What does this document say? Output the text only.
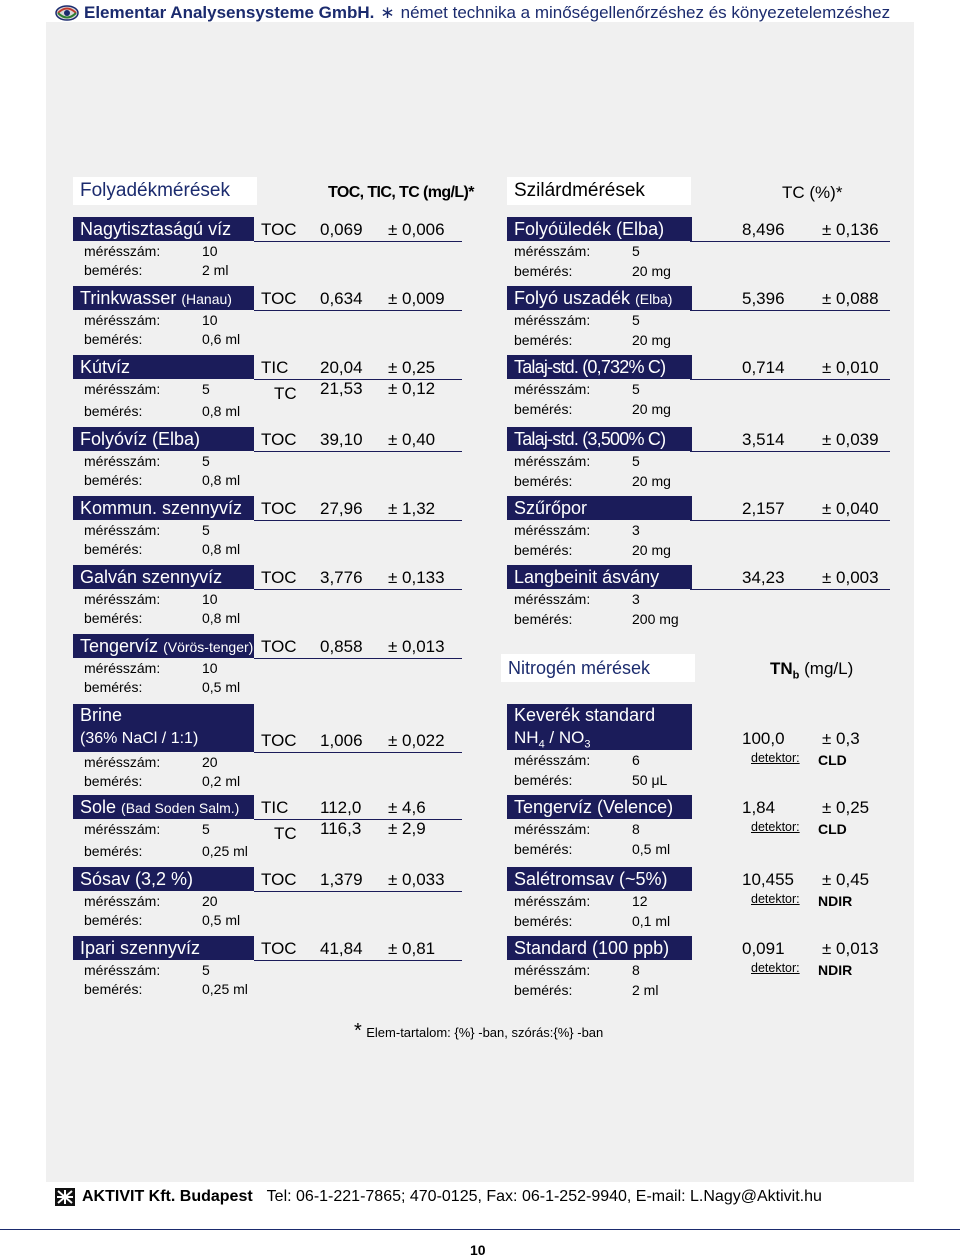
Elementar Analysensysteme GmbH. ∗ német technika a minőségellenőrzéshez és könyezetelemzéshez
Folyadékmérések	TOC, TIC, TC (mg/L)*	Szilárdmérések	TC (%)*
Nitrogén mérések	$TN_b$ (mg/L)
Nagytisztaságú víz	TOC 0,069 ± 0,006
mérésszám:	10
bemérés:	2 ml
Trinkwasser (Hanau)	TOC 0,634 ± 0,009
mérésszám:	10
bemérés:	0,6 ml
Kútvíz	TIC 20,04 ± 0,25
TC 21,53 ± 0,12
mérésszám:	5
bemérés:	0,8 ml
Folyóvíz (Elba)	TOC 39,10 ± 0,40
mérésszám:	5
bemérés:	0,8 ml
Kommun. szennyvíz	TOC 27,96 ± 1,32
mérésszám:	5
bemérés:	0,8 ml
Galván szennyvíz	TOC 3,776 ± 0,133
mérésszám:	10
bemérés:	0,8 ml
Tengervíz (Vörös-tenger) TOC 0,858 ± 0,013
mérésszám:	10
bemérés:	0,5 ml
Brine
(36% NaCl / 1:1)	TOC 1,006 ± 0,022
mérésszám:	20
bemérés:	0,2 ml
Sole (Bad Soden Salm.)	TIC 112,0 ± 4,6
TC 116,3 ± 2,9
mérésszám:	5
bemérés:	0,25 ml
Sósav (3,2 %)	TOC 1,379 ± 0,033
mérésszám:	20
bemérés:	0,5 ml
Ipari szennyvíz	TOC 41,84 ± 0,81
mérésszám:	5
bemérés:	0,25 ml
Folyóüledék (Elba)	8,496 ± 0,136
mérésszám:	5
bemérés:	20 mg
Folyó uszadék (Elba)	5,396 ± 0,088
mérésszám:	5
bemérés:	20 mg
Talaj-std. (0,732% C)	0,714 ± 0,010
mérésszám:	5
bemérés:	20 mg
Talaj-std. (3,500% C)	3,514 ± 0,039
mérésszám:	5
bemérés:	20 mg
Szűrőpor	2,157 ± 0,040
mérésszám:	3
bemérés:	20 mg
Langbeinit ásvány	34,23 ± 0,003
mérésszám:	3
bemérés:	200 mg
Keverék standard
$NH_4 / NO_3$	100,0 ± 0,3
mérésszám:	6
bemérés:	50 μL
detektor: CLD
Tengervíz (Velence)	1,84	± 0,25
mérésszám:	8
bemérés:	0,5 ml
detektor: CLD
Salétromsav (~5%)	10,455 ± 0,45
mérésszám:	12
bemérés:	0,1 ml
detektor: NDIR
Standard (100 ppb)	0,091 ± 0,013
mérésszám:	8
bemérés:	2 ml
detektor: NDIR
* Elem-tartalom: {%} -ban, szórás:{%} -ban
AKTIVIT Kft. Budapest Tel: 06-1-221-7865; 470-0125, Fax: 06-1-252-9940, E-mail: L.Nagy@Aktivit.hu
10
